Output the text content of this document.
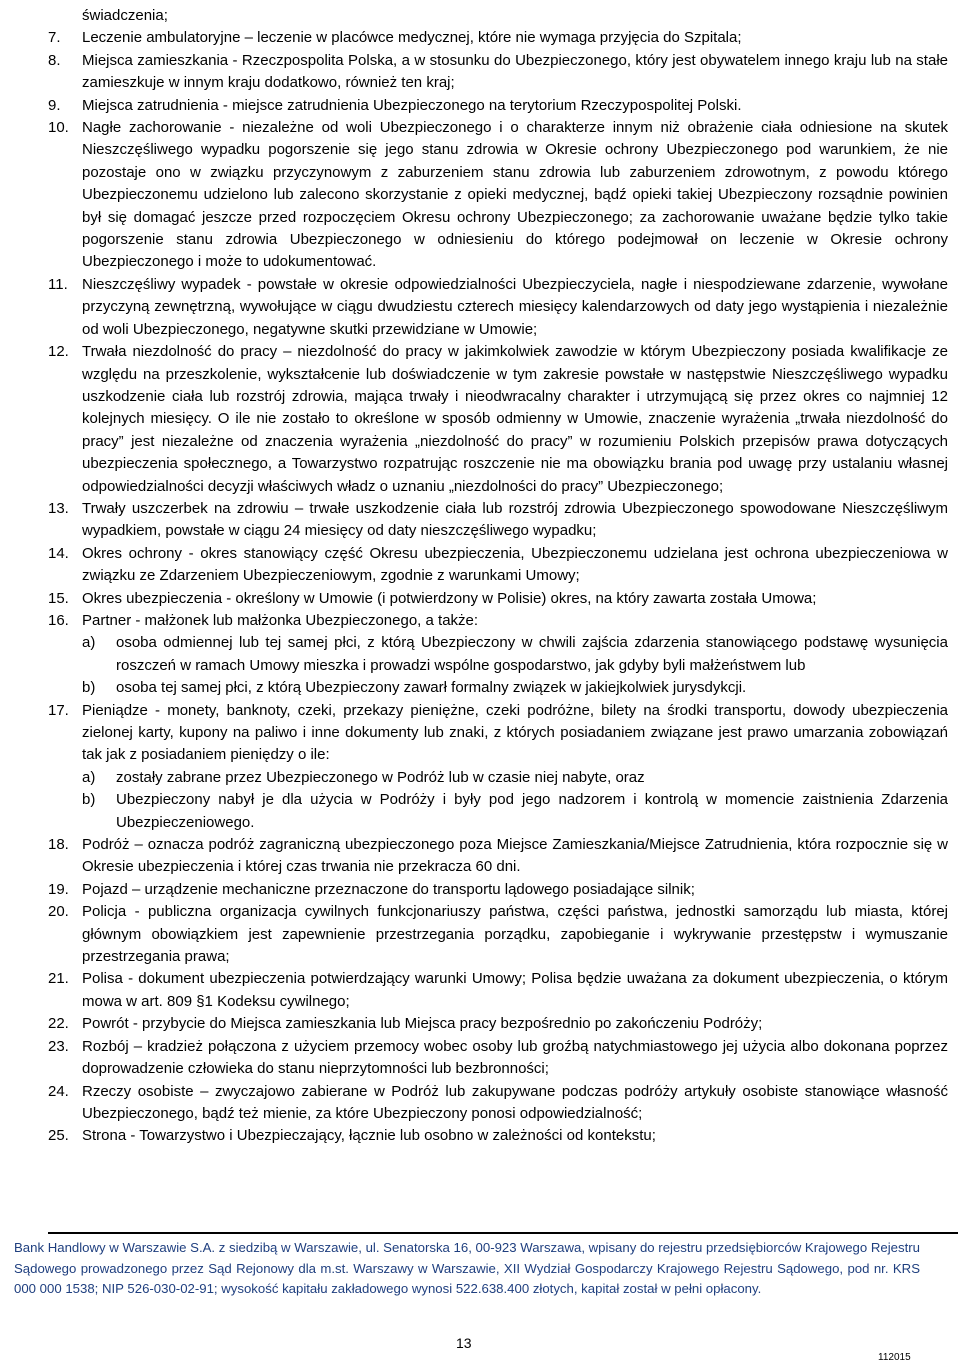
świadczenia;

7. Leczenie ambulatoryjne – leczenie w placówce medycznej, które nie wymaga przyjęcia do Szpitala;
8. Miejsca zamieszkania - Rzeczpospolita Polska, a w stosunku do Ubezpieczonego, który jest obywatelem innego kraju lub na stałe zamieszkuje w innym kraju dodatkowo, również ten kraj;
9. Miejsca zatrudnienia - miejsce zatrudnienia Ubezpieczonego na terytorium Rzeczypospolitej Polski.
10. Nagłe zachorowanie - niezależne od woli Ubezpieczonego i o charakterze innym niż obrażenie ciała odniesione na skutek Nieszczęśliwego wypadku pogorszenie się jego stanu zdrowia w Okresie ochrony Ubezpieczonego pod warunkiem, że nie pozostaje ono w związku przyczynowym z zaburzeniem stanu zdrowia lub zaburzeniem zdrowotnym, z powodu którego Ubezpieczonemu udzielono lub zalecono skorzystanie z opieki medycznej, bądź opieki takiej Ubezpieczony rozsądnie powinien był się domagać jeszcze przed rozpoczęciem Okresu ochrony Ubezpieczonego; za zachorowanie uważane będzie tylko takie pogorszenie stanu zdrowia Ubezpieczonego w odniesieniu do którego podejmował on leczenie w Okresie ochrony Ubezpieczonego i może to udokumentować.
11. Nieszczęśliwy wypadek - powstałe w okresie odpowiedzialności Ubezpieczyciela, nagłe i niespodziewane zdarzenie, wywołane przyczyną zewnętrzną, wywołujące w ciągu dwudziestu czterech miesięcy kalendarzowych od daty jego wystąpienia i niezależnie od woli Ubezpieczonego, negatywne skutki przewidziane w Umowie;
12. Trwała niezdolność do pracy – niezdolność do pracy w jakimkolwiek zawodzie w którym Ubezpieczony posiada kwalifikacje ze względu na przeszkolenie, wykształcenie lub doświadczenie w tym zakresie powstałe w następstwie Nieszczęśliwego wypadku uszkodzenie ciała lub rozstrój zdrowia, mająca trwały i nieodwracalny charakter i utrzymującą się przez okres co najmniej 12 kolejnych miesięcy. O ile nie zostało to określone w sposób odmienny w Umowie, znaczenie wyrażenia „trwała niezdolność do pracy” jest niezależne od znaczenia wyrażenia „niezdolność do pracy” w rozumieniu Polskich przepisów prawa dotyczących ubezpieczenia społecznego, a Towarzystwo rozpatrując roszczenie nie ma obowiązku brania pod uwagę przy ustalaniu własnej odpowiedzialności decyzji właściwych władz o uznaniu „niezdolności do pracy” Ubezpieczonego;
13. Trwały uszczerbek na zdrowiu – trwałe uszkodzenie ciała lub rozstrój zdrowia Ubezpieczonego spowodowane Nieszczęśliwym wypadkiem, powstałe w ciągu 24 miesięcy od daty nieszczęśliwego wypadku;
14. Okres ochrony - okres stanowiący część Okresu ubezpieczenia, Ubezpieczonemu udzielana jest ochrona ubezpieczeniowa w związku ze Zdarzeniem Ubezpieczeniowym, zgodnie z warunkami Umowy;
15. Okres ubezpieczenia - określony w Umowie (i potwierdzony w Polisie) okres, na który zawarta została Umowa;
16. Partner - małżonek lub małżonka Ubezpieczonego, a także:
a) osoba odmiennej lub tej samej płci, z którą Ubezpieczony w chwili zajścia zdarzenia stanowiącego podstawę wysunięcia roszczeń w ramach Umowy mieszka i prowadzi wspólne gospodarstwo, jak gdyby byli małżeństwem lub
b) osoba tej samej płci, z którą Ubezpieczony zawarł formalny związek w jakiejkolwiek jurysdykcji.
17. Pieniądze - monety, banknoty, czeki, przekazy pieniężne, czeki podróżne, bilety na środki transportu, dowody ubezpieczenia zielonej karty, kupony na paliwo i inne dokumenty lub znaki, z których posiadaniem związane jest prawo umarzania zobowiązań tak jak z posiadaniem pieniędzy o ile:
a) zostały zabrane przez Ubezpieczonego w Podróż lub w czasie niej nabyte, oraz
b) Ubezpieczony nabył je dla użycia w Podróży i były pod jego nadzorem i kontrolą w momencie zaistnienia Zdarzenia Ubezpieczeniowego.
18. Podróż – oznacza podróż zagraniczną ubezpieczonego poza Miejsce Zamieszkania/Miejsce Zatrudnienia, która rozpocznie się w Okresie ubezpieczenia i której czas trwania nie przekracza 60 dni.
19. Pojazd – urządzenie mechaniczne przeznaczone do transportu lądowego posiadające silnik;
20. Policja - publiczna organizacja cywilnych funkcjonariuszy państwa, części państwa, jednostki samorządu lub miasta, której głównym obowiązkiem jest zapewnienie przestrzegania porządku, zapobieganie i wykrywanie przestępstw i wymuszanie przestrzegania prawa;
21. Polisa - dokument ubezpieczenia potwierdzający warunki Umowy; Polisa będzie uważana za dokument ubezpieczenia, o którym mowa w art. 809 §1 Kodeksu cywilnego;
22. Powrót - przybycie do Miejsca zamieszkania lub Miejsca pracy bezpośrednio po zakończeniu Podróży;
23. Rozbój – kradzież połączona z użyciem przemocy wobec osoby lub groźbą natychmiastowego jej użycia albo dokonana poprzez doprowadzenie człowieka do stanu nieprzytomności lub bezbronności;
24. Rzeczy osobiste – zwyczajowo zabierane w Podróż lub zakupywane podczas podróży artykuły osobiste stanowiące własność Ubezpieczonego, bądź też mienie, za które Ubezpieczony ponosi odpowiedzialność;
25. Strona - Towarzystwo i Ubezpieczający, łącznie lub osobno w zależności od kontekstu;
Bank Handlowy w Warszawie S.A. z siedzibą w Warszawie, ul. Senatorska 16, 00-923 Warszawa, wpisany do rejestru przedsiębiorców Krajowego Rejestru Sądowego prowadzonego przez Sąd Rejonowy dla m.st. Warszawy w Warszawie, XII Wydział Gospodarczy Krajowego Rejestru Sądowego, pod nr. KRS 000 000 1538; NIP 526-030-02-91; wysokość kapitału zakładowego wynosi 522.638.400 złotych, kapitał został w pełni opłacony.
13
112015
